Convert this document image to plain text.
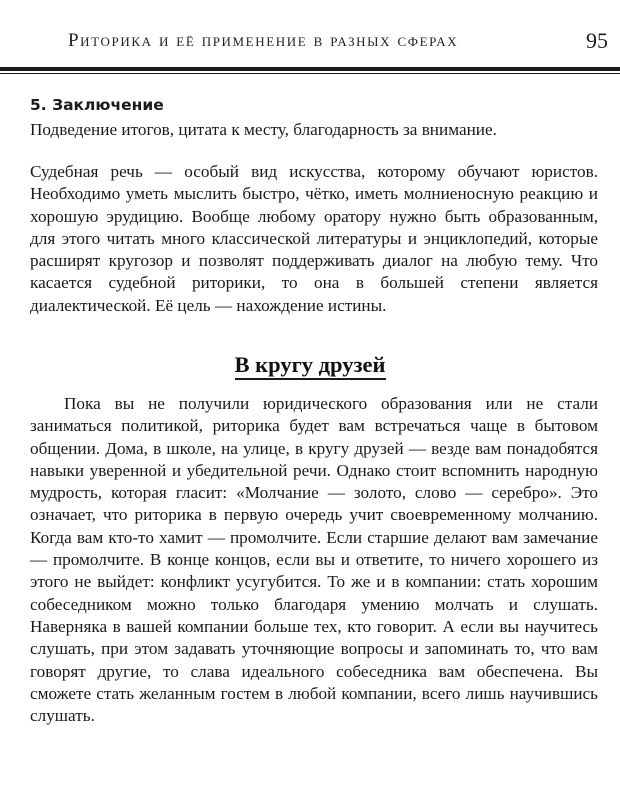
Риторика и её применение в разных сферах	95
5. Заключение

Подведение итогов, цитата к месту, благодарность за внимание.

Судебная речь — особый вид искусства, которому обучают юристов. Необходимо уметь мыслить быстро, чётко, иметь молниеносную реакцию и хорошую эрудицию. Вообще любому оратору нужно быть образованным, для этого читать много классической литературы и энциклопедий, которые расширят кругозор и позволят поддерживать диалог на любую тему. Что касается судебной риторики, то она в большей степени является диалектической. Её цель — нахождение истины.

В кругу друзей

Пока вы не получили юридического образования или не стали заниматься политикой, риторика будет вам встречаться чаще в бытовом общении. Дома, в школе, на улице, в кругу друзей — везде вам понадобятся навыки уверенной и убедительной речи. Однако стоит вспомнить народную мудрость, которая гласит: «Молчание — золото, слово — серебро». Это означает, что риторика в первую очередь учит своевременному молчанию. Когда вам кто-то хамит — промолчите. Если старшие делают вам замечание — промолчите. В конце концов, если вы и ответите, то ничего хорошего из этого не выйдет: конфликт усугубится. То же и в компании: стать хорошим собеседником можно только благодаря умению молчать и слушать. Наверняка в вашей компании больше тех, кто говорит. А если вы научитесь слушать, при этом задавать уточняющие вопросы и запоминать то, что вам говорят другие, то слава идеального собеседника вам обеспечена. Вы сможете стать желанным гостем в любой компании, всего лишь научившись слушать.
